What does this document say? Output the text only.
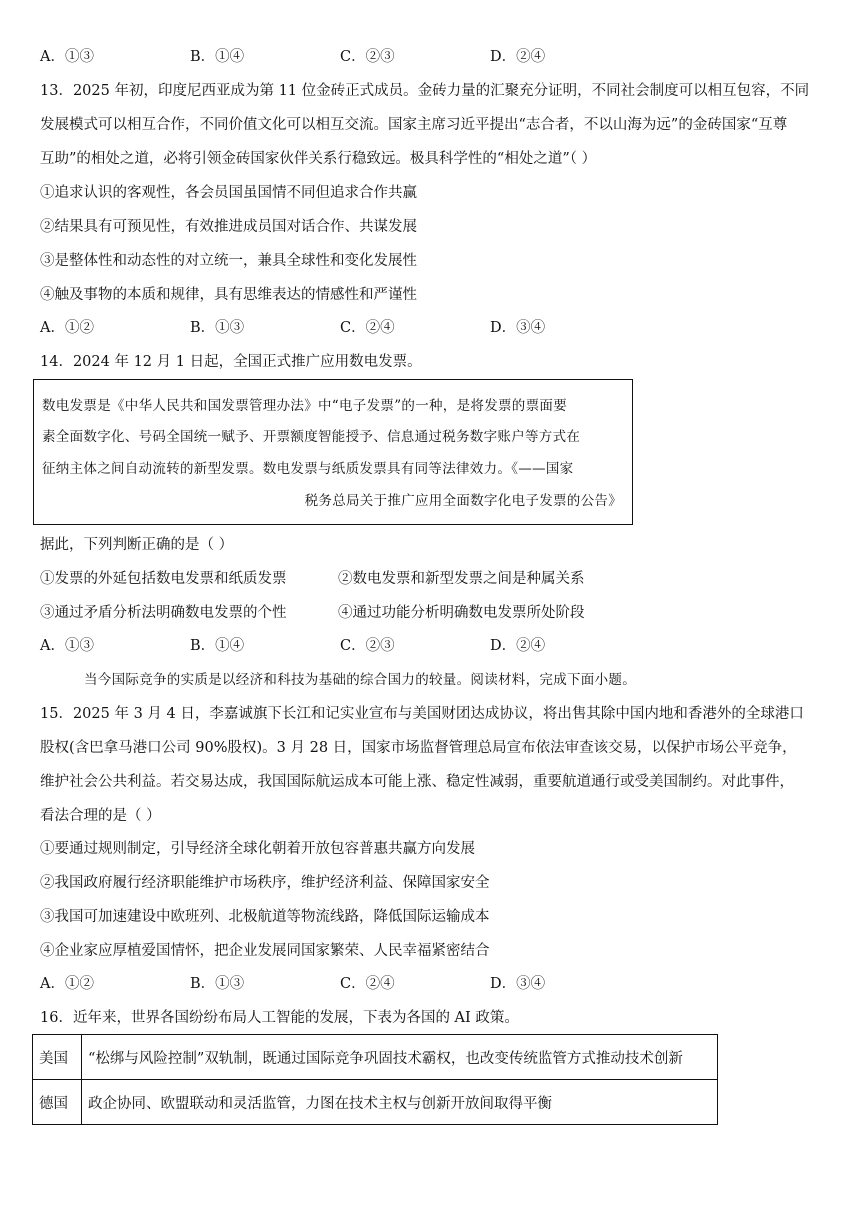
A．①③	B．①④	C．②③	D．②④
13．2025 年初，印度尼西亚成为第 11 位金砖正式成员。金砖力量的汇聚充分证明，不同社会制度可以相互包容，不同
发展模式可以相互合作，不同价值文化可以相互交流。国家主席习近平提出“志合者，不以山海为远”的金砖国家“互尊
互助”的相处之道，必将引领金砖国家伙伴关系行稳致远。极具科学性的“相处之道”（ ）
①追求认识的客观性，各会员国虽国情不同但追求合作共赢
②结果具有可预见性，有效推进成员国对话合作、共谋发展
③是整体性和动态性的对立统一，兼具全球性和变化发展性
④触及事物的本质和规律，具有思维表达的情感性和严谨性
A．①②	B．①③	C．②④	D．③④
14．2024 年 12 月 1 日起，全国正式推广应用数电发票。
数电发票是《中华人民共和国发票管理办法》中“电子发票”的一种，是将发票的票面要
素全面数字化、号码全国统一赋予、开票额度智能授予、信息通过税务数字账户等方式在
征纳主体之间自动流转的新型发票。数电发票与纸质发票具有同等法律效力。《——国家
税务总局关于推广应用全面数字化电子发票的公告》
据此，下列判断正确的是（ ）
①发票的外延包括数电发票和纸质发票	②数电发票和新型发票之间是种属关系
③通过矛盾分析法明确数电发票的个性	④通过功能分析明确数电发票所处阶段
A．①③	B．①④	C．②③	D．②④
当今国际竞争的实质是以经济和科技为基础的综合国力的较量。阅读材料，完成下面小题。
15．2025 年 3 月 4 日，李嘉诚旗下长江和记实业宣布与美国财团达成协议，将出售其除中国内地和香港外的全球港口
股权(含巴拿马港口公司 90%股权)。3 月 28 日，国家市场监督管理总局宣布依法审查该交易，以保护市场公平竞争，
维护社会公共利益。若交易达成，我国国际航运成本可能上涨、稳定性减弱，重要航道通行或受美国制约。对此事件，
看法合理的是（ ）
①要通过规则制定，引导经济全球化朝着开放包容普惠共赢方向发展
②我国政府履行经济职能维护市场秩序，维护经济利益、保障国家安全
③我国可加速建设中欧班列、北极航道等物流线路，降低国际运输成本
④企业家应厚植爱国情怀，把企业发展同国家繁荣、人民幸福紧密结合
A．①②	B．①③	C．②④	D．③④
16．近年来，世界各国纷纷布局人工智能的发展，下表为各国的 AI 政策。
美国	“松绑与风险控制”双轨制，既通过国际竞争巩固技术霸权，也改变传统监管方式推动技术创新
德国	政企协同、欧盟联动和灵活监管，力图在技术主权与创新开放间取得平衡
